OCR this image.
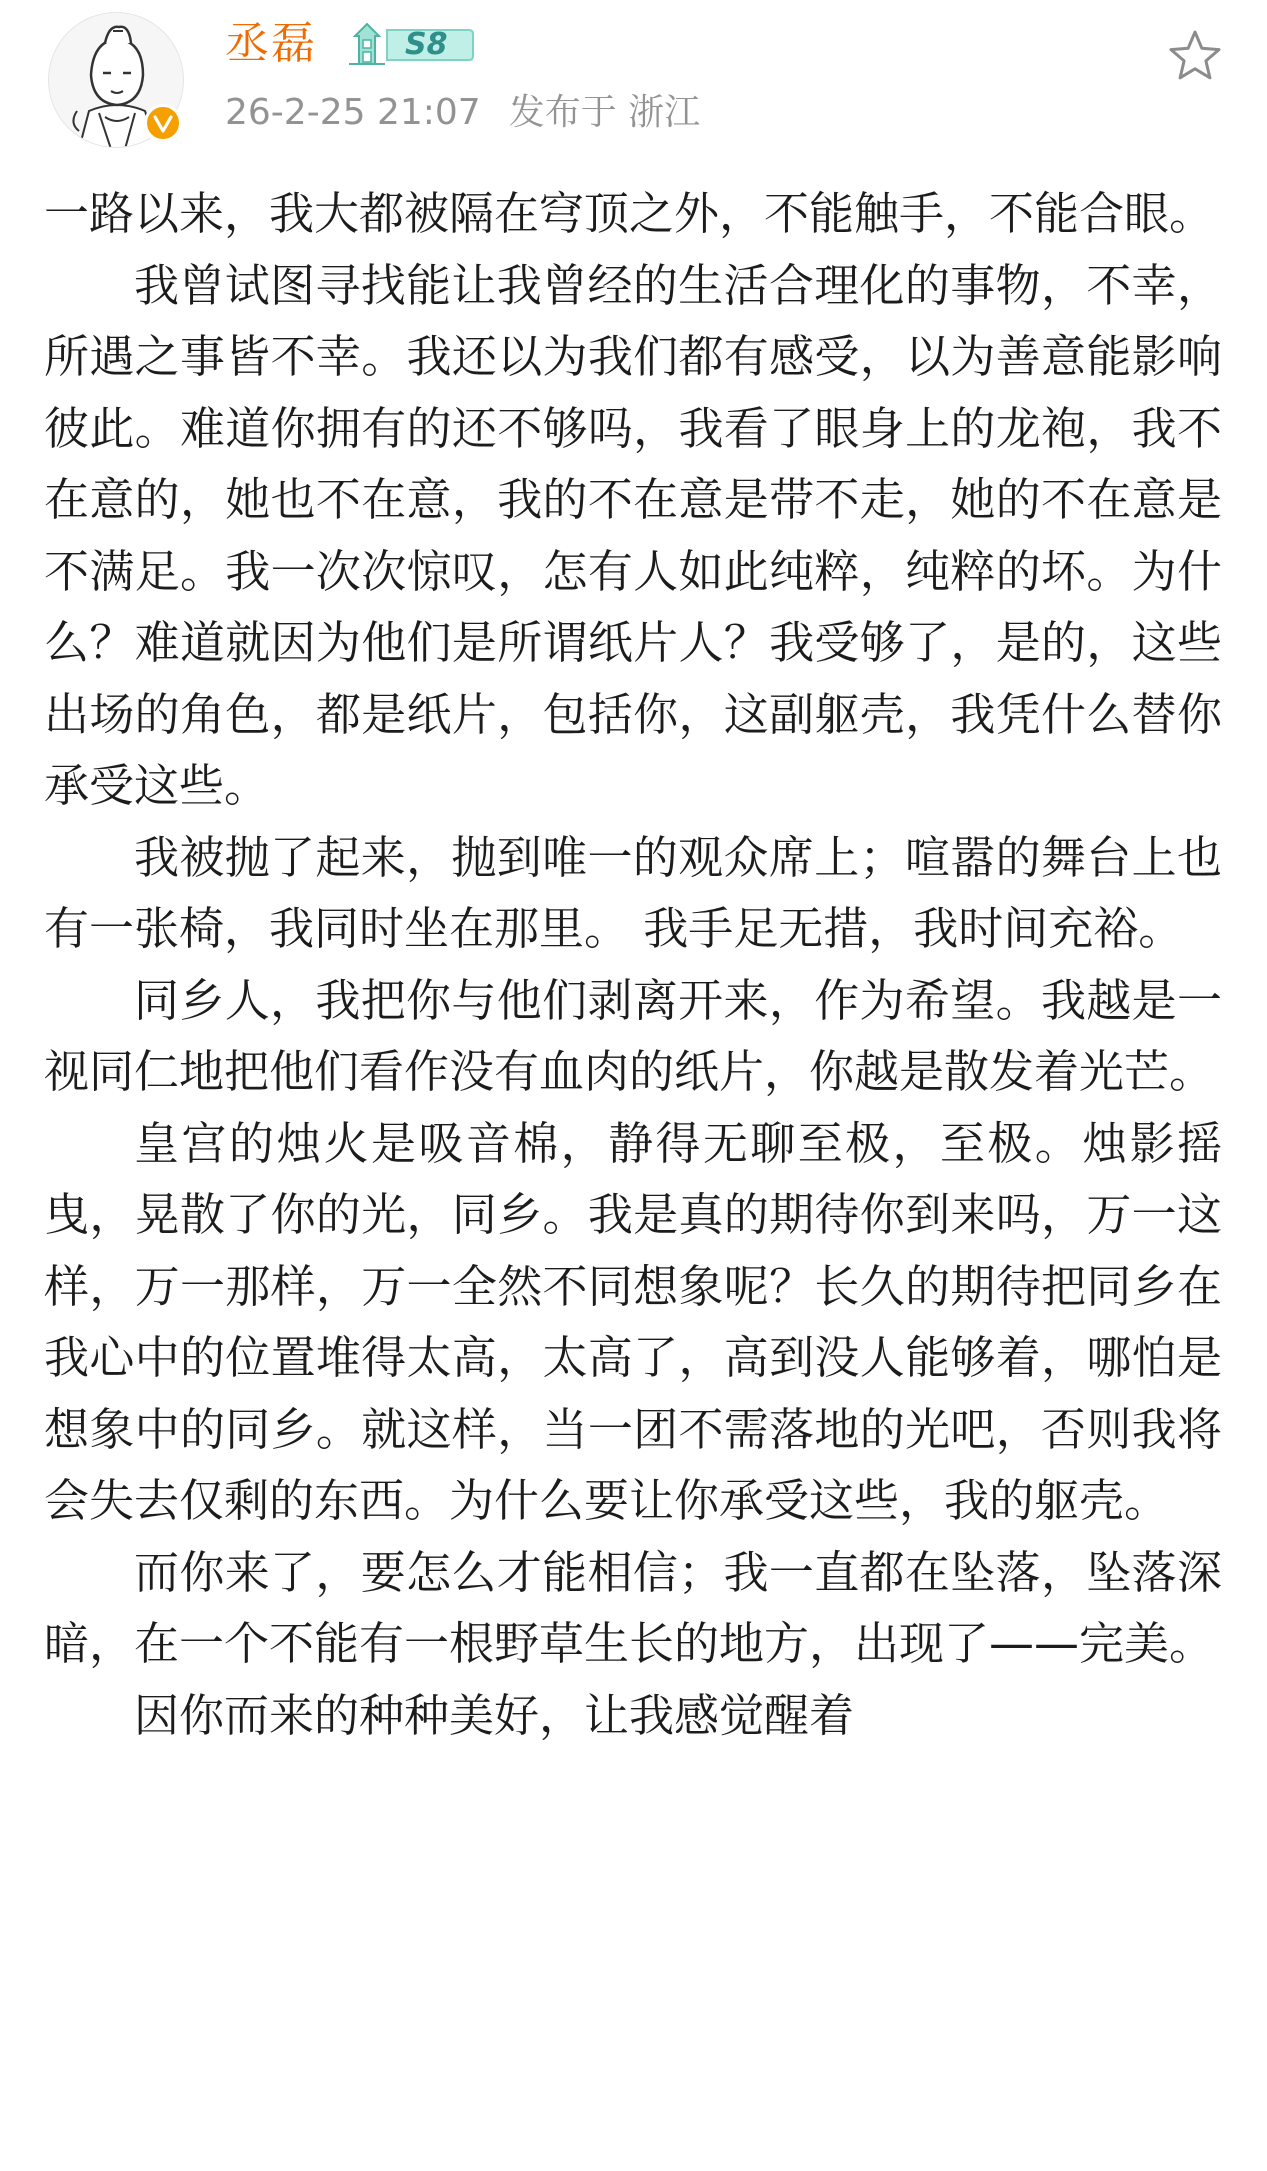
丞磊	S8
26-2-25 21:07 发布于 浙江

一路以来，我大都被隔在穹顶之外，不能触手，不能合眼。

我曾试图寻找能让我曾经的生活合理化的事物，不幸，所遇之事皆不幸。我还以为我们都有感受，以为善意能影响彼此。难道你拥有的还不够吗，我看了眼身上的龙袍，我不在意的，她也不在意，我的不在意是带不走，她的不在意是不满足。我一次次惊叹，怎有人如此纯粹，纯粹的坏。为什么？难道就因为他们是所谓纸片人？我受够了，是的，这些出场的角色，都是纸片，包括你，这副躯壳，我凭什么替你承受这些。

我被抛了起来，抛到唯一的观众席上；喧嚣的舞台上也有一张椅，我同时坐在那里。 我手足无措，我时间充裕。

同乡人，我把你与他们剥离开来，作为希望。我越是一视同仁地把他们看作没有血肉的纸片，你越是散发着光芒。

皇宫的烛火是吸音棉，静得无聊至极，至极。烛影摇曳，晃散了你的光，同乡。我是真的期待你到来吗，万一这样，万一那样，万一全然不同想象呢？长久的期待把同乡在我心中的位置堆得太高，太高了，高到没人能够着，哪怕是想象中的同乡。就这样，当一团不需落地的光吧，否则我将会失去仅剩的东西。为什么要让你承受这些，我的躯壳。

而你来了，要怎么才能相信；我一直都在坠落，坠落深暗，在一个不能有一根野草生长的地方，出现了——完美。

因你而来的种种美好，让我感觉醒着
